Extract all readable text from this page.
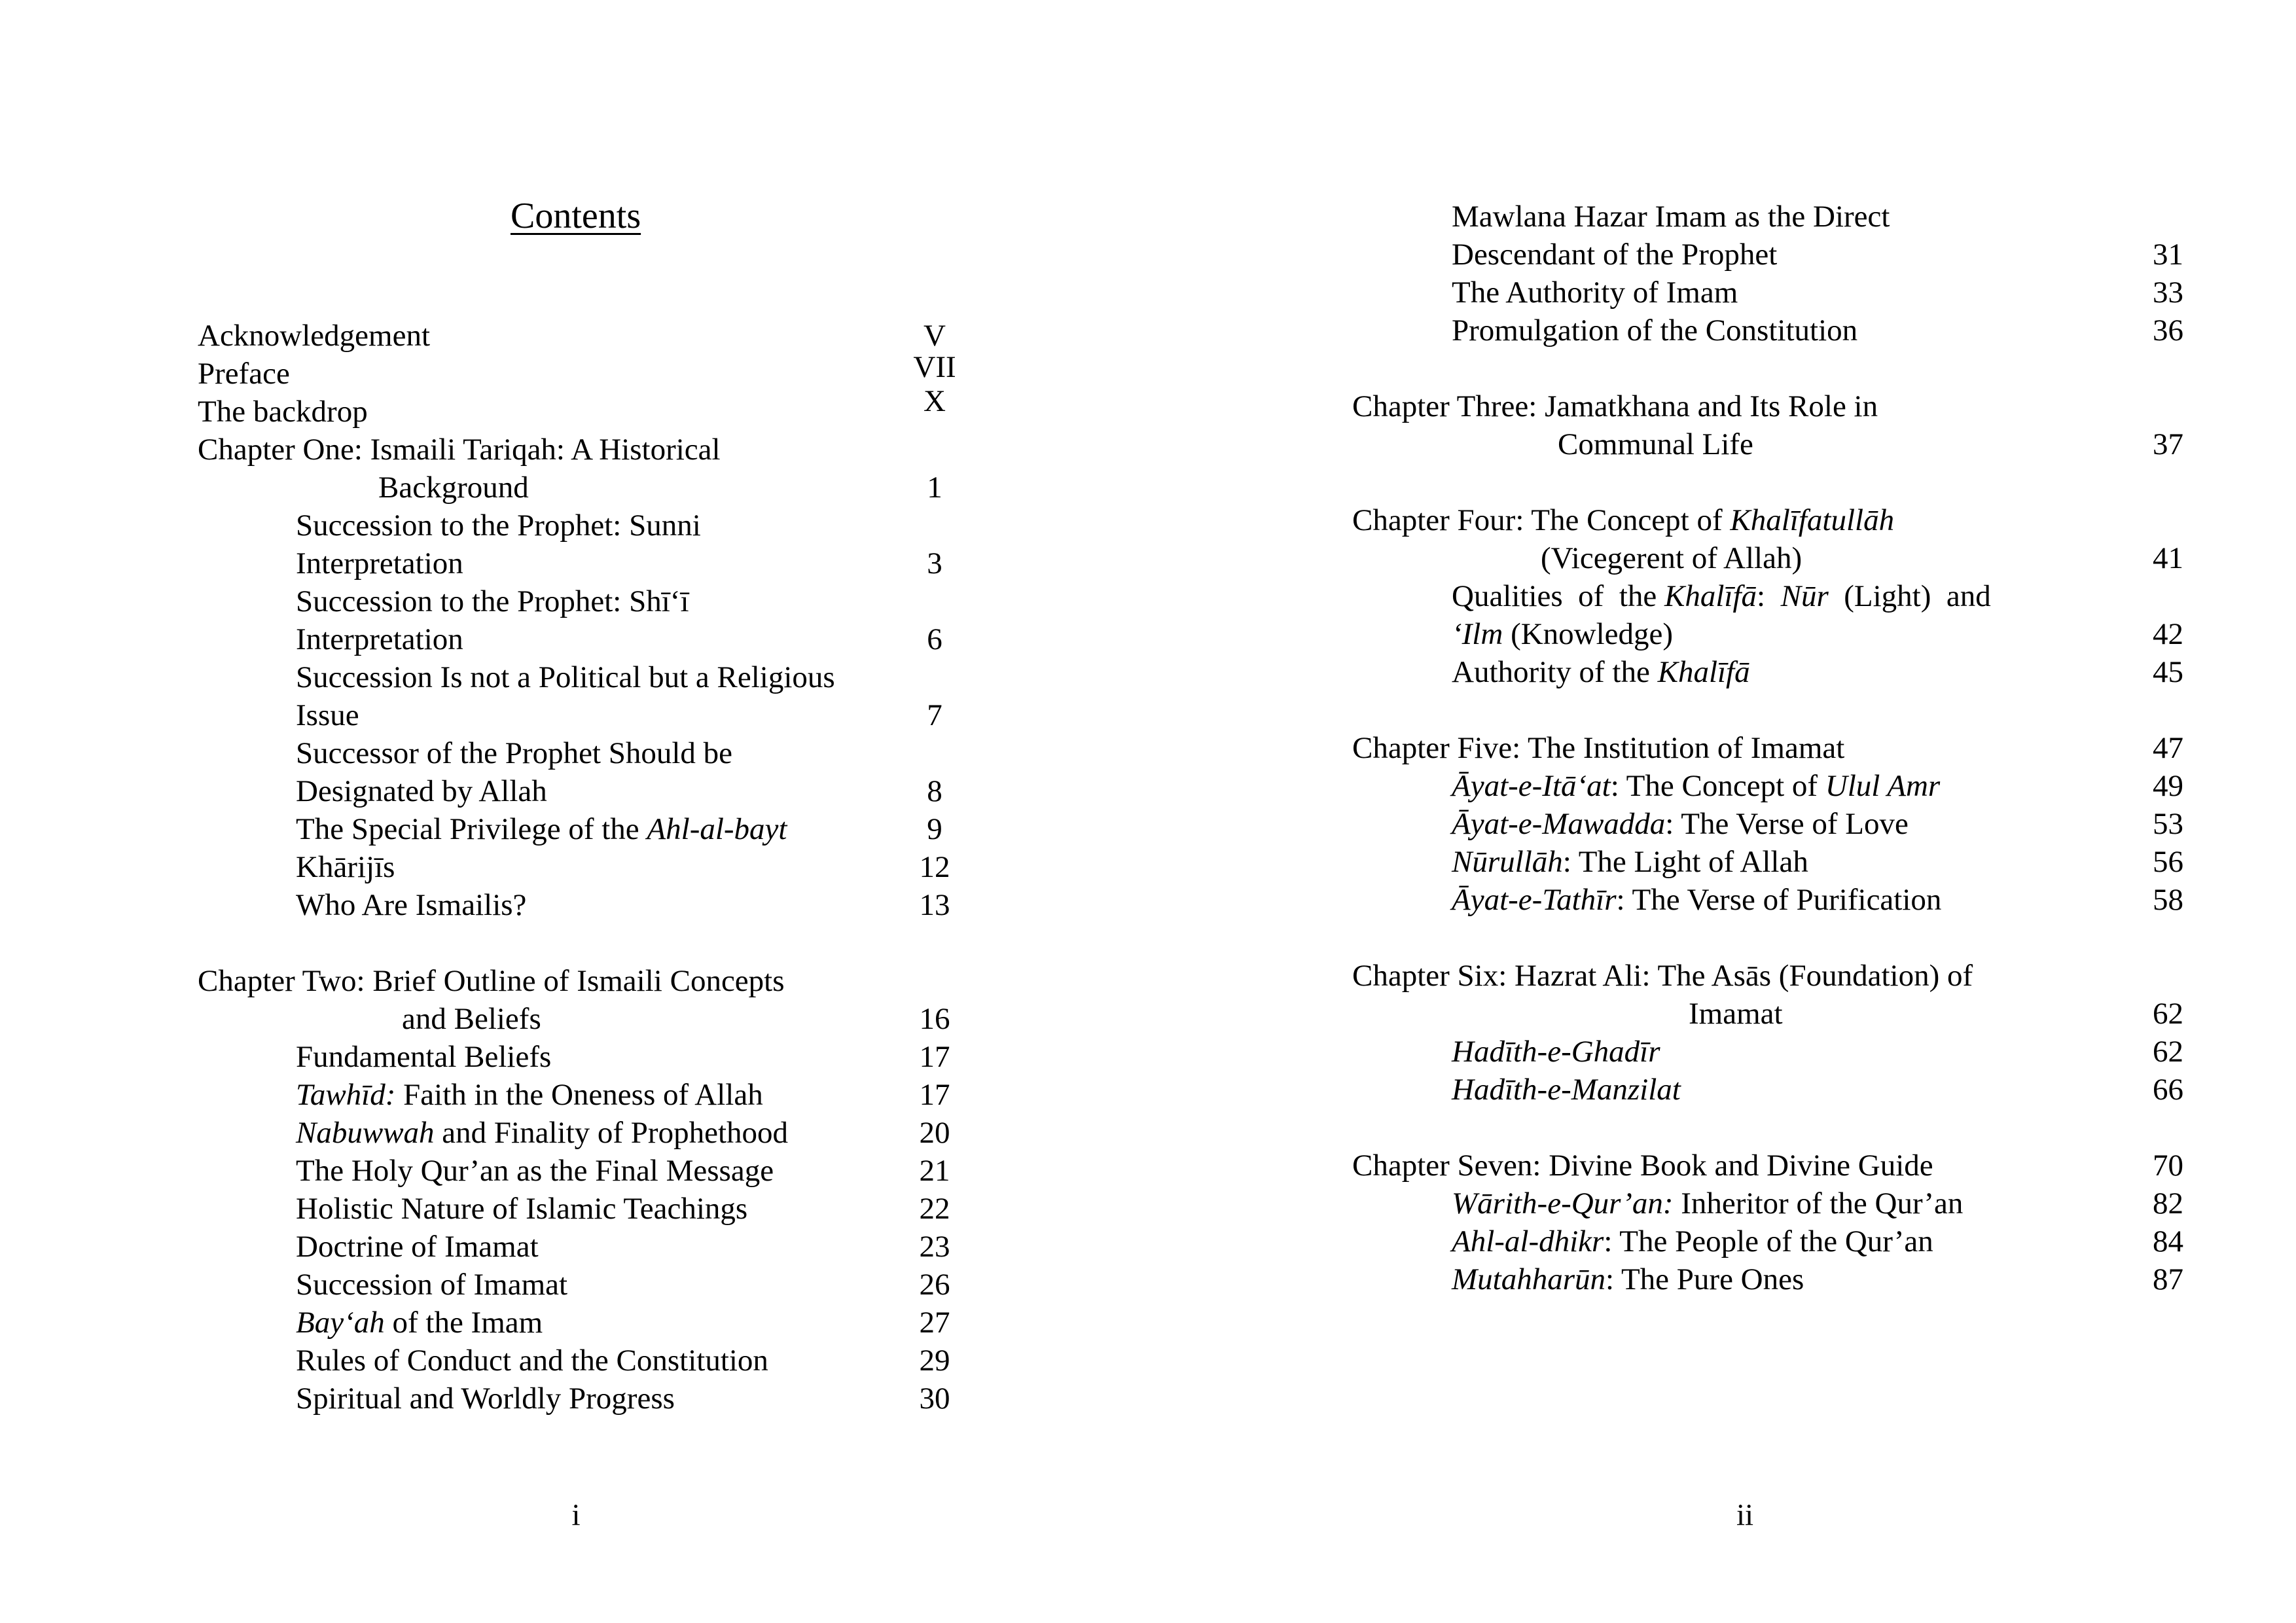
Contents
Acknowledgement	V
Preface	VII
The backdrop	X
Chapter One: Ismaili Tariqah: A Historical
Background	1
Succession to the Prophet: Sunni
Interpretation	3
Succession to the Prophet: Shī‘ī
Interpretation	6
Succession Is not a Political but a Religious
Issue	7
Successor of the Prophet Should be
Designated by Allah	8
The Special Privilege of the Ahl-al-bayt	9
Khārijīs	12
Who Are Ismailis?	13
Chapter Two: Brief Outline of Ismaili Concepts
and Beliefs	16
Fundamental Beliefs	17
Tawhīd: Faith in the Oneness of Allah	17
Nabuwwah and Finality of Prophethood	20
The Holy Qur’an as the Final Message	21
Holistic Nature of Islamic Teachings	22
Doctrine of Imamat	23
Succession of Imamat	26
Bay‘ah of the Imam	27
Rules of Conduct and the Constitution	29
Spiritual and Worldly Progress	30
i
Mawlana Hazar Imam as the Direct
Descendant of the Prophet	31
The Authority of Imam	33
Promulgation of the Constitution	36
Chapter Three: Jamatkhana and Its Role in
Communal Life	37
Chapter Four: The Concept of Khalīfatullāh
(Vicegerent of Allah)	41
Qualities  of  the Khalīfā:  Nūr  (Light)  and
‘Ilm (Knowledge)	42
Authority of the Khalīfā	45
Chapter Five: The Institution of Imamat	47
Āyat-e-Itā‘at: The Concept of Ulul Amr	49
Āyat-e-Mawadda: The Verse of Love	53
Nūrullāh: The Light of Allah	56
Āyat-e-Tathīr: The Verse of Purification	58
Chapter Six: Hazrat Ali: The Asās (Foundation) of
Imamat	62
Hadīth-e-Ghadīr	62
Hadīth-e-Manzilat	66
Chapter Seven: Divine Book and Divine Guide	70
Wārith-e-Qur’an: Inheritor of the Qur’an	82
Ahl-al-dhikr: The People of the Qur’an	84
Mutahharūn: The Pure Ones	87
ii
